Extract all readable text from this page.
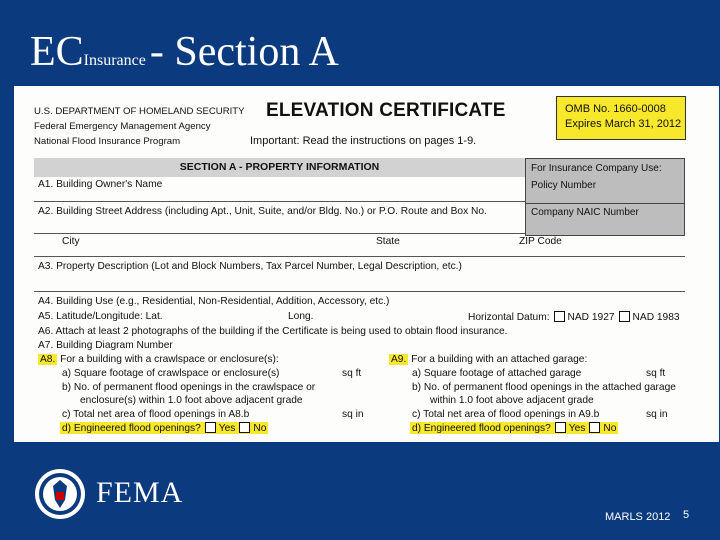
ECInsurance - Section A
U.S. DEPARTMENT OF HOMELAND SECURITY
Federal Emergency Management Agency
National Flood Insurance Program
ELEVATION CERTIFICATE
Important: Read the instructions on pages 1-9.
OMB No. 1660-0008
Expires March 31, 2012
SECTION A - PROPERTY INFORMATION	For Insurance Company Use:
Policy Number
Company NAIC Number
A1. Building Owner's Name
A2. Building Street Address (including Apt., Unit, Suite, and/or Bldg. No.) or P.O. Route and Box No.
City	State	ZIP Code
A3. Property Description (Lot and Block Numbers, Tax Parcel Number, Legal Description, etc.)
A4. Building Use (e.g., Residential, Non-Residential, Addition, Accessory, etc.)
A5. Latitude/Longitude: Lat.	Long.	Horizontal Datum: NAD 1927 NAD 1983
A6. Attach at least 2 photographs of the building if the Certificate is being used to obtain flood insurance.
A7. Building Diagram Number
A8. For a building with a crawlspace or enclosure(s):
a) Square footage of crawlspace or enclosure(s)	sq ft
b) No. of permanent flood openings in the crawlspace or
enclosure(s) within 1.0 foot above adjacent grade
c) Total net area of flood openings in A8.b	sq in
d) Engineered flood openings? Yes No
A9. For a building with an attached garage:
a) Square footage of attached garage	sq ft
b) No. of permanent flood openings in the attached garage
within 1.0 foot above adjacent grade
c) Total net area of flood openings in A9.b	sq in
d) Engineered flood openings? Yes No
FEMA
MARLS 2012 5
